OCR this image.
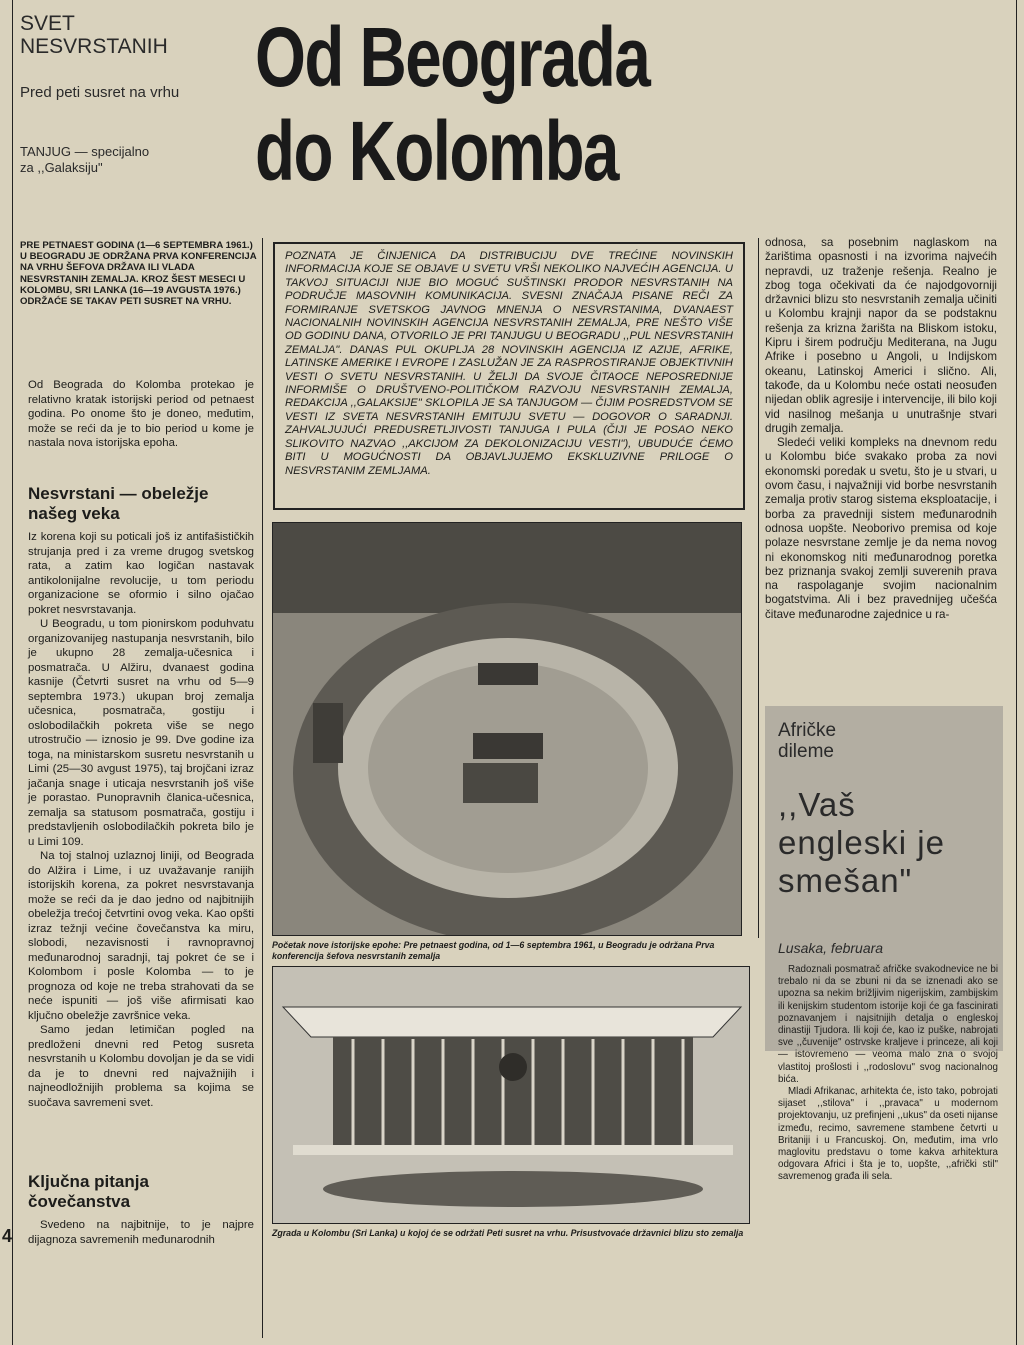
SVET NESVRSTANIH
Pred peti susret na vrhu
TANJUG — specijalno
za ,,Galaksiju"
Od Beograda
do Kolomba
PRE PETNAEST GODINA (1—6 SEPTEMBRA 1961.) U BEOGRADU JE ODRŽANA PRVA KONFERENCIJA NA VRHU ŠEFOVA DRŽAVA ILI VLADA NESVRSTANIH ZEMALJA. KROZ ŠEST MESECI U KOLOMBU, SRI LANKA (16—19 AVGUSTA 1976.) ODRŽAĆE SE TAKAV PETI SUSRET NA VRHU.

Od Beograda do Kolomba protekao je relativno kratak istorijski period od petnaest godina. Po onome što je doneo, međutim, može se reći da je to bio period u kome je nastala nova istorijska epoha.

Nesvrstani — obeležje našeg veka

Iz korena koji su poticali još iz antifašističkih strujanja pred i za vreme drugog svetskog rata, a zatim kao logičan nastavak antikolonijalne revolucije, u tom periodu organizacione se oformio i silno ojačao pokret nesvrstavanja.

U Beogradu, u tom pionirskom poduhvatu organizovanijeg nastupanja nesvrstanih, bilo je ukupno 28 zemalja-učesnica i posmatrača. U Alžiru, dvanaest godina kasnije (Četvrti susret na vrhu od 5—9 septembra 1973.) ukupan broj zemalja učesnica, posmatrača, gostiju i oslobodilačkih pokreta više se nego utrostručio — iznosio je 99. Dve godine iza toga, na ministarskom susretu nesvrstanih u Limi (25—30 avgust 1975), taj brojčani izraz jačanja snage i uticaja nesvrstanih još više je porastao. Punopravnih članica-učesnica, zemalja sa statusom posmatrača, gostiju i predstavljenih oslobodilačkih pokreta bilo je u Limi 109.

Na toj stalnoj uzlaznoj liniji, od Beograda do Alžira i Lime, i uz uvažavanje ranijih istorijskih korena, za pokret nesvrstavanja može se reći da je dao jedno od najbitnijih obeležja trećoj četvrtini ovog veka. Kao opšti izraz težnji većine čovečanstva ka miru, slobodi, nezavisnosti i ravnopravnoj međunarodnoj saradnji, taj pokret će se i Kolombom i posle Kolomba — to je prognoza od koje ne treba strahovati da se neće ispuniti — još više afirmisati kao ključno obeležje završnice veka.

Samo jedan letimičan pogled na predloženi dnevni red Petog susreta nesvrstanih u Kolombu dovoljan je da se vidi da je to dnevni red najvažnijih i najneodložnijih problema sa kojima se suočava savremeni svet.

Ključna pitanja čovečanstva

Svedeno na najbitnije, to je najpre dijagnoza savremenih međunarodnih

4
POZNATA JE ČINJENICA DA DISTRIBUCIJU DVE TREĆINE NOVINSKIH INFORMACIJA KOJE SE OBJAVE U SVETU VRŠI NEKOLIKO NAJVEĆIH AGENCIJA. U TAKVOJ SITUACIJI NIJE BIO MOGUĆ SUŠTINSKI PRODOR NESVRSTANIH NA PODRUČJE MASOVNIH KOMUNIKACIJA. SVESNI ZNAČAJA PISANE REČI ZA FORMIRANJE SVETSKOG JAVNOG MNENJA O NESVRSTANIMA, DVANAEST NACIONALNIH NOVINSKIH AGENCIJA NESVRSTANIH ZEMALJA, PRE NEŠTO VIŠE OD GODINU DANA, OTVORILO JE PRI TANJUGU U BEOGRADU ,,PUL NESVRSTANIH ZEMALJA". DANAS PUL OKUPLJA 28 NOVINSKIH AGENCIJA IZ AZIJE, AFRIKE, LATINSKE AMERIKE I EVROPE I ZASLUŽAN JE ZA RASPROSTIRANJE OBJEKTIVNIH VESTI O SVETU NESVRSTANIH. U ŽELJI DA SVOJE ČITAOCE NEPOSREDNIJE INFORMIŠE O DRUŠTVENO-POLITIČKOM RAZVOJU NESVRSTANIH ZEMALJA, REDAKCIJA ,,GALAKSIJE" SKLOPILA JE SA TANJUGOM — ČIJIM POSREDSTVOM SE VESTI IZ SVETA NESVRSTANIH EMITUJU SVETU — DOGOVOR O SARADNJI. ZAHVALJUJUĆI PREDUSRETLJIVOSTI TANJUGA I PULA (ČIJI JE POSAO NEKO SLIKOVITO NAZVAO ,,AKCIJOM ZA DEKOLONIZACIJU VESTI"), UBUDUĆE ĆEMO BITI U MOGUĆNOSTI DA OBJAVLJUJEMO EKSKLUZIVNE PRILOGE O NESVRSTANIM ZEMLJAMA.
Početak nove istorijske epohe: Pre petnaest godina, od 1—6 septembra 1961, u Beogradu je održana Prva konferencija šefova nesvrstanih zemalja
Zgrada u Kolombu (Sri Lanka) u kojoj će se održati Peti susret na vrhu. Prisustvovaće državnici blizu sto zemalja

odnosa, sa posebnim naglaskom na žarištima opasnosti i na izvorima najvećih nepravdi, uz traženje rešenja. Realno je zbog toga očekivati da će najodgovorniji državnici blizu sto nesvrstanih zemalja učiniti u Kolombu krajnji napor da se podstaknu rešenja za krizna žarišta na Bliskom istoku, Kipru i širem području Mediterana, na Jugu Afrike i posebno u Angoli, u Indijskom okeanu, Latinskoj Americi i slično. Ali, takođe, da u Kolombu neće ostati neosuđen nijedan oblik agresije i intervencije, ili bilo koji vid nasilnog mešanja u unutrašnje stvari drugih zemalja.

Sledeći veliki kompleks na dnevnom redu u Kolombu biće svakako proba za novi ekonomski poredak u svetu, što je u stvari, u ovom času, i najvažniji vid borbe nesvrstanih zemalja protiv starog sistema eksploatacije, i borba za pravedniji sistem međunarodnih odnosa uopšte. Neoborivo premisa od koje polaze nesvrstane zemlje je da nema novog ni ekonomskog niti međunarodnog poretka bez priznanja svakoj zemlji suverenih prava na raspolaganje svojim nacionalnim bogatstvima. Ali i bez pravednijeg učešća čitave međunarodne zajednice u ra-

Afričke dileme
,,Vaš engleski je smešan"
Lusaka, februara

Radoznali posmatrač afričke svakodnevice ne bi trebalo ni da se zbuni ni da se iznenadi ako se upozna sa nekim brižljivim nigerijskim, zambijskim ili kenijskim studentom istorije koji će ga fascinirati poznavanjem i najsitnijih detalja o engleskoj dinastiji Tjudora. Ili koji će, kao iz puške, nabrojati sve ,,čuvenije" ostrvske kraljeve i princeze, ali koji — istovremeno — veoma malo zna o svojoj vlastitoj prošlosti i ,,rodoslovu" svog nacionalnog bića.

Mladi Afrikanac, arhitekta će, isto tako, pobrojati sijaset ,,stilova" i ,,pravaca" u modernom projektovanju, uz prefinjeni ,,ukus" da oseti nijanse između, recimo, savremene stambene četvrti u Britaniji i u Francuskoj. On, međutim, ima vrlo maglovitu predstavu o tome kakva arhitektura odgovara Africi i šta je to, uopšte, ,,afrički stil" savremenog građa ili sela.
